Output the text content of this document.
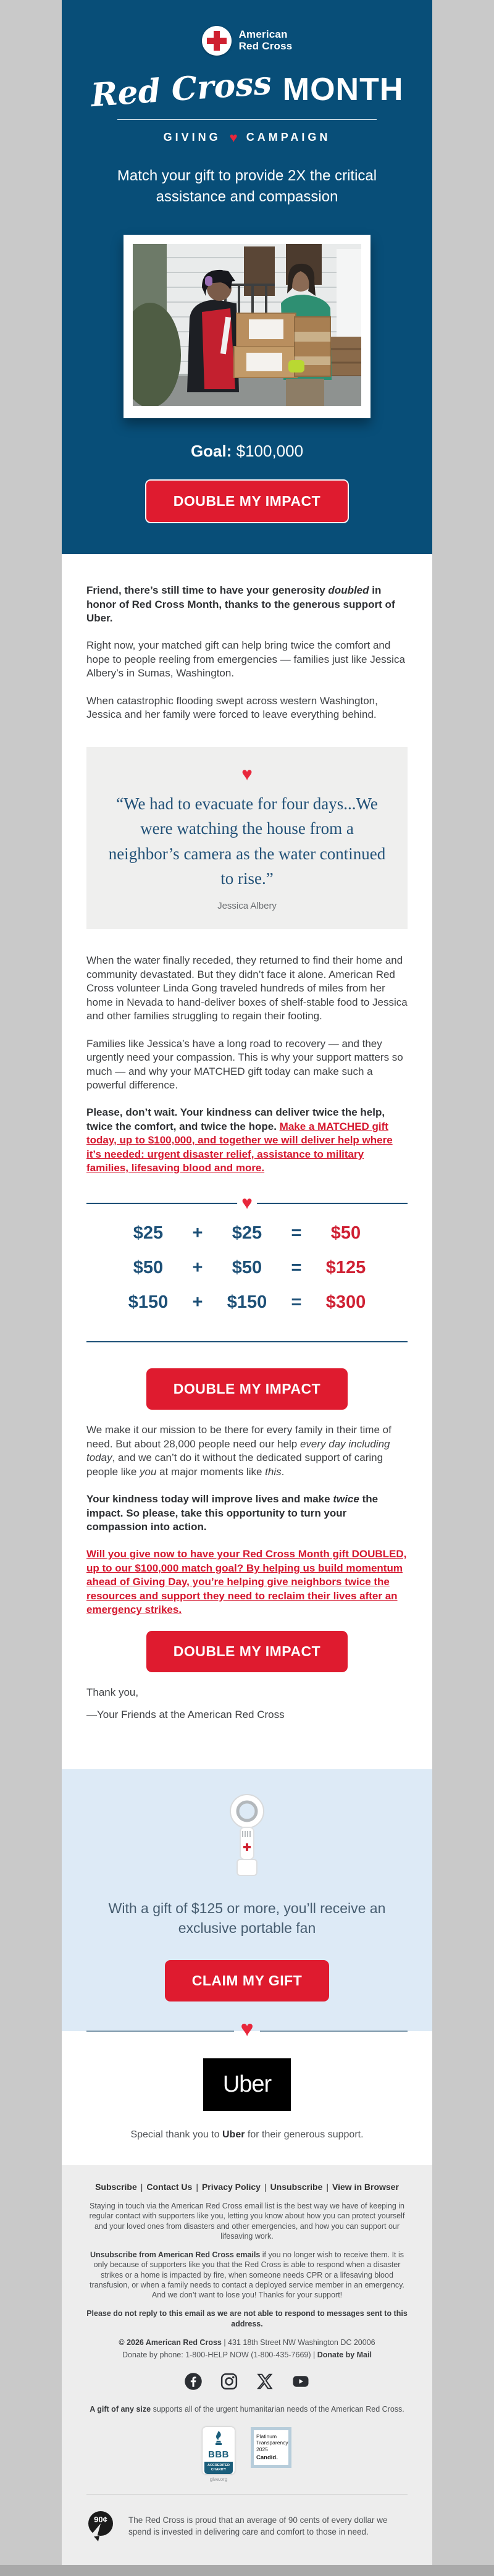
American
Red Cross
Red Cross MONTH
GIVING ♥ CAMPAIGN
Match your gift to provide 2X the critical assistance and compassion
Goal: $100,000
DOUBLE MY IMPACT

Friend, there’s still time to have your generosity doubled in honor of Red Cross Month, thanks to the generous support of Uber.

Right now, your matched gift can help bring twice the comfort and hope to people reeling from emergencies — families just like Jessica Albery’s in Sumas, Washington.

When catastrophic flooding swept across western Washington, Jessica and her family were forced to leave everything behind.

♥
“We had to evacuate for four days...We were watching the house from a neighbor’s camera as the water continued to rise.”
Jessica Albery

When the water finally receded, they returned to find their home and community devastated. But they didn’t face it alone. American Red Cross volunteer Linda Gong traveled hundreds of miles from her home in Nevada to hand-deliver boxes of shelf-stable food to Jessica and other families struggling to regain their footing.

Families like Jessica’s have a long road to recovery — and they urgently need your compassion. This is why your support matters so much — and why your MATCHED gift today can make such a powerful difference.

Please, don’t wait. Your kindness can deliver twice the help, twice the comfort, and twice the hope. Make a MATCHED gift today, up to $100,000, and together we will deliver help where it’s needed: urgent disaster relief, assistance to military families, lifesaving blood and more.

♥
$25	+	$25	=	$50
$50	+	$50	=	$125
$150	+	$150	=	$300

DOUBLE MY IMPACT

We make it our mission to be there for every family in their time of need. But about 28,000 people need our help every day including today, and we can’t do it without the dedicated support of caring people like you at major moments like this.

Your kindness today will improve lives and make twice the impact. So please, take this opportunity to turn your compassion into action.

Will you give now to have your Red Cross Month gift DOUBLED, up to our $100,000 match goal? By helping us build momentum ahead of Giving Day, you’re helping give neighbors twice the resources and support they need to reclaim their lives after an emergency strikes.

DOUBLE MY IMPACT

Thank you,

—Your Friends at the American Red Cross

With a gift of $125 or more, you’ll receive an
exclusive portable fan
CLAIM MY GIFT
♥
Uber
Special thank you to Uber for their generous support.
Subscribe | Contact Us | Privacy Policy | Unsubscribe | View in Browser

Staying in touch via the American Red Cross email list is the best way we have of keeping in regular contact with supporters like you, letting you know about how you can protect yourself and your loved ones from disasters and other emergencies, and how you can support our lifesaving work.

Unsubscribe from American Red Cross emails if you no longer wish to receive them. It is only because of supporters like you that the Red Cross is able to respond when a disaster strikes or a home is impacted by fire, when someone needs CPR or a lifesaving blood transfusion, or when a family needs to contact a deployed service member in an emergency. And we don’t want to lose you! Thanks for your support!

Please do not reply to this email as we are not able to respond to messages sent to this address.

© 2026 American Red Cross | 431 18th Street NW Washington DC 20006

Donate by phone: 1-800-HELP NOW (1-800-435-7669) | Donate by Mail

A gift of any size supports all of the urgent humanitarian needs of the American Red Cross.

BBB
ACCREDITED
CHARITY
give.org
Platinum
Transparency
2025
Candid.
90¢	The Red Cross is proud that an average of 90 cents of every dollar we spend is invested in delivering care and comfort to those in need.
